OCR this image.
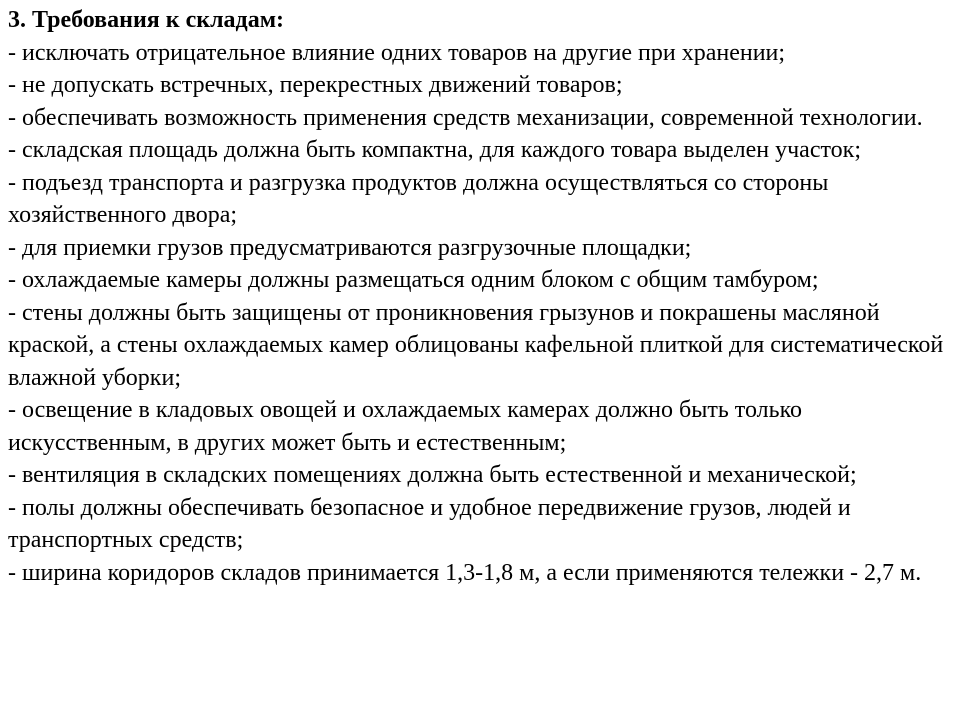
3. Требования к складам:

- исключать отрицательное влияние одних товаров на другие при хранении;

- не допускать встречных, перекрестных движений товаров;

- обеспечивать возможность применения средств механизации, современной технологии.

- складская площадь должна быть компактна, для каждого товара выделен участок;

- подъезд транспорта и разгрузка продуктов должна осуществляться со стороны хозяйственного двора;

- для приемки грузов предусматриваются разгрузочные площадки;

- охлаждаемые камеры должны размещаться одним блоком с общим тамбуром;

- стены должны быть защищены от проникновения грызунов и покрашены масляной краской, а стены охлаждаемых камер облицованы кафельной плиткой для систематической влажной уборки;

- освещение в кладовых овощей и охлаждаемых камерах должно быть только искусственным, в других может быть и естественным;

- вентиляция в складских помещениях должна быть естественной и механической;

- полы должны обеспечивать безопасное и удобное передвижение грузов, людей и транспортных средств;

- ширина коридоров складов принимается 1,3-1,8 м, а если применяются тележки - 2,7 м.
